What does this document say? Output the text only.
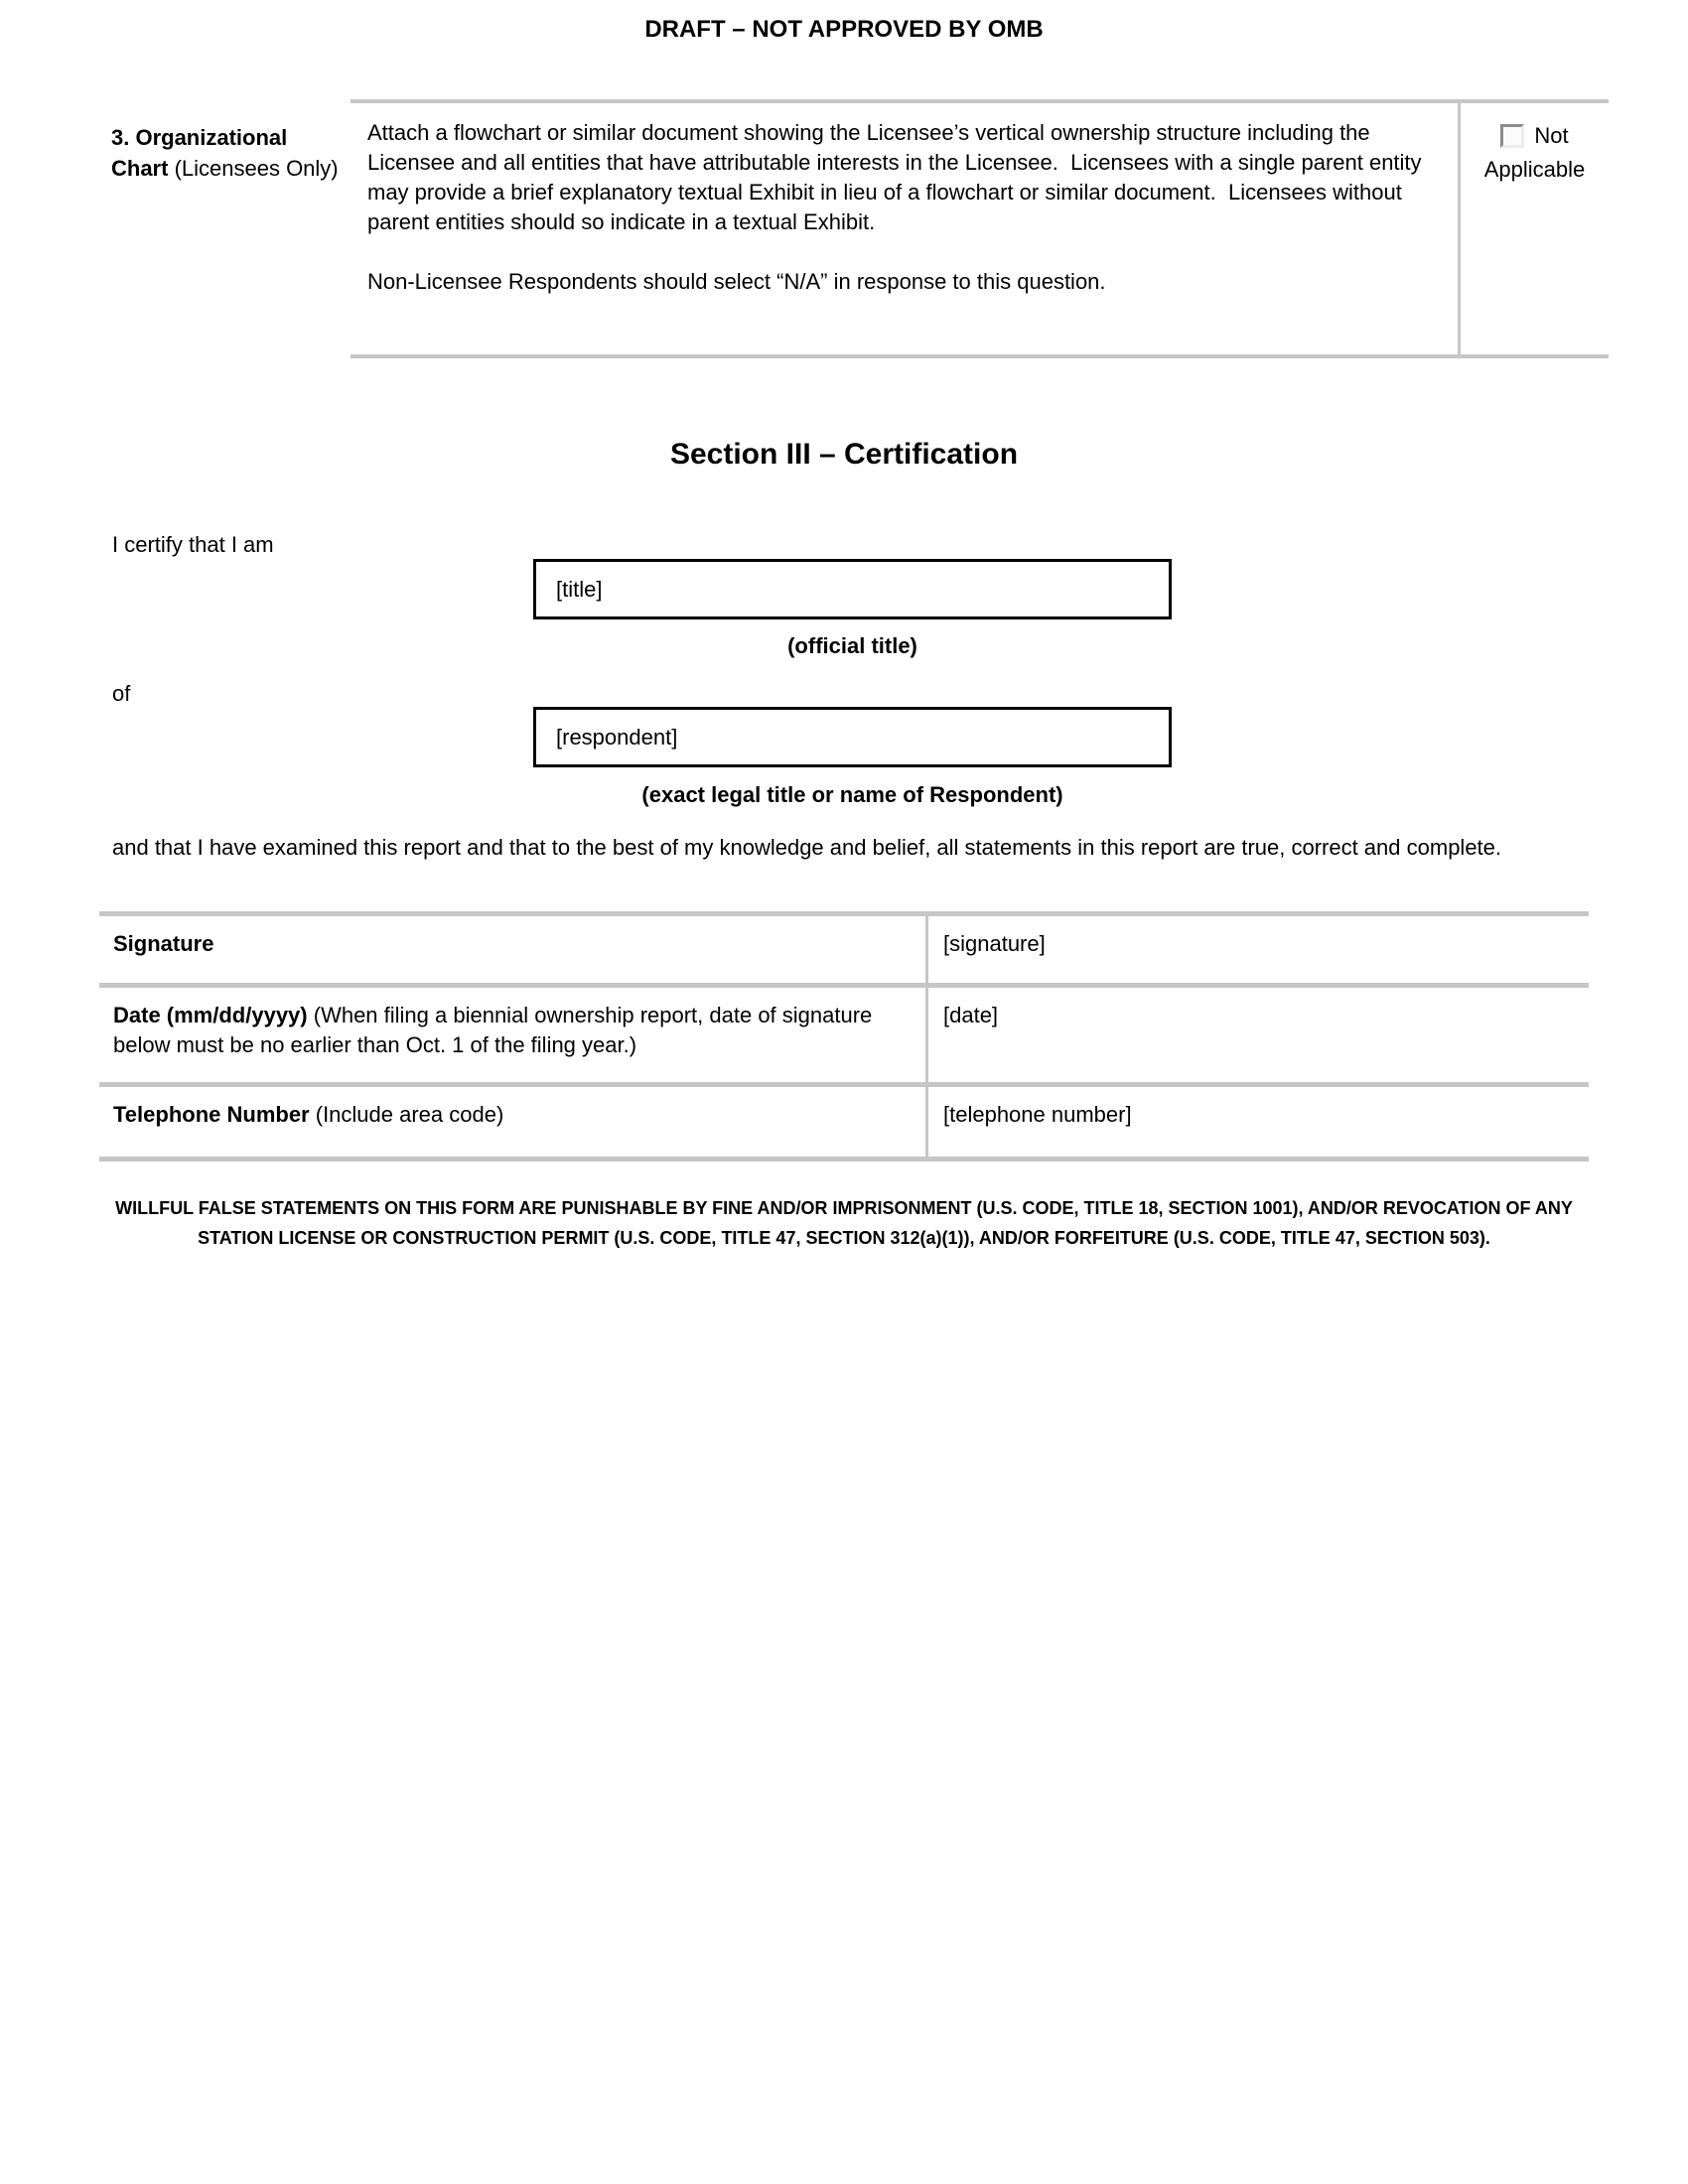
DRAFT – NOT APPROVED BY OMB
3. Organizational Chart (Licensees Only)

Attach a flowchart or similar document showing the Licensee’s vertical ownership structure including the Licensee and all entities that have attributable interests in the Licensee.  Licensees with a single parent entity may provide a brief explanatory textual Exhibit in lieu of a flowchart or similar document.  Licensees without parent entities should so indicate in a textual Exhibit.

Non-Licensee Respondents should select “N/A” in response to this question.

Not Applicable
Section III – Certification
I certify that I am
[title]
(official title)
of
[respondent]
(exact legal title or name of Respondent)
and that I have examined this report and that to the best of my knowledge and belief, all statements in this report are true, correct and complete.
Signature	[signature]
Date (mm/dd/yyyy) (When filing a biennial ownership report, date of signature below must be no earlier than Oct. 1 of the filing year.)
[date]
Telephone Number (Include area code)	[telephone number]
WILLFUL FALSE STATEMENTS ON THIS FORM ARE PUNISHABLE BY FINE AND/OR IMPRISONMENT (U.S. CODE, TITLE 18, SECTION 1001), AND/OR REVOCATION OF ANY STATION LICENSE OR CONSTRUCTION PERMIT (U.S. CODE, TITLE 47, SECTION 312(a)(1)), AND/OR FORFEITURE (U.S. CODE, TITLE 47, SECTION 503).
